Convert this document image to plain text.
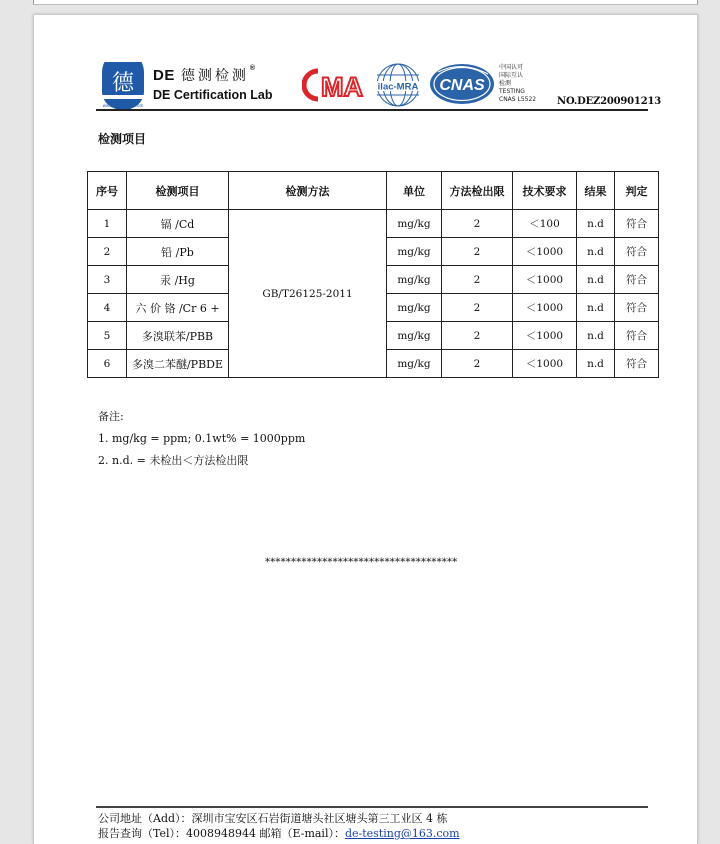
德
www.de-testing.com
DE 德测检测®
DE Certification Lab MA ilac-MRA CNAS
中国认可
国际互认
检测
TESTING
CNAS L5522 NO.DEZ200901213
检测项目
序号	检测项目	检测方法	单位	方法检出限	技术要求	结果	判定
1	镉 /Cd	GB/T26125-2011	mg/kg	2	＜100	n.d	符合
2	铅 /Pb		mg/kg	2	＜1000	n.d	符合
3	汞 /Hg		mg/kg	2	＜1000	n.d	符合
4	六 价 铬 /Cr 6 +		mg/kg	2	＜1000	n.d	符合
5	多溴联苯/PBB		mg/kg	2	＜1000	n.d	符合
6	多溴二苯醚/PBDE		mg/kg	2	＜1000	n.d	符合
备注:
1. mg/kg = ppm; 0.1wt% = 1000ppm
2. n.d. = 未检出＜方法检出限
*************************************
公司地址（Add）：深圳市宝安区石岩街道塘头社区塘头第三工业区 4 栋
报告查询（Tel）：4008948944 邮箱（E-mail）：de-testing@163.com
